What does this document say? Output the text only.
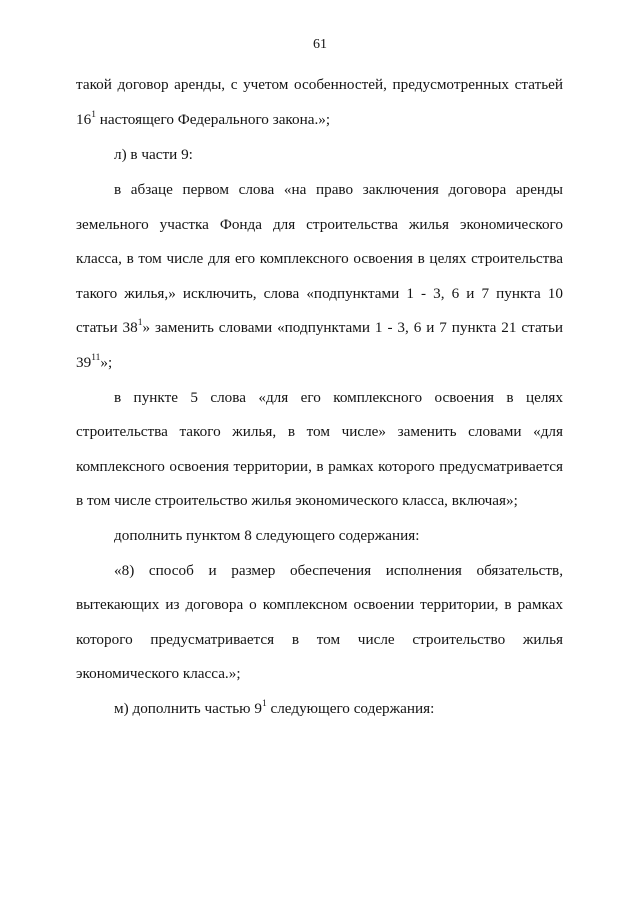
61
такой договор аренды, с учетом особенностей, предусмотренных статьей
$16^1$ настоящего Федерального закона.»;
л) в части 9:
в абзаце первом слова «на право заключения договора аренды
земельного участка Фонда для строительства жилья экономического
класса, в том числе для его комплексного освоения в целях строительства
такого жилья,» исключить, слова «подпунктами 1 - 3, 6 и 7 пункта 10
статьи $38^1$» заменить словами «подпунктами 1 - 3, 6 и 7 пункта 21 статьи
$39^{11}$»;
в пункте 5 слова «для его комплексного освоения в целях
строительства такого жилья, в том числе» заменить словами «для
комплексного освоения территории, в рамках которого предусматривается
в том числе строительство жилья экономического класса, включая»;
дополнить пунктом 8 следующего содержания:
«8) способ и размер обеспечения исполнения обязательств,
вытекающих из договора о комплексном освоении территории, в рамках
которого предусматривается в том числе строительство жилья
экономического класса.»;
м) дополнить частью $9^1$ следующего содержания:
